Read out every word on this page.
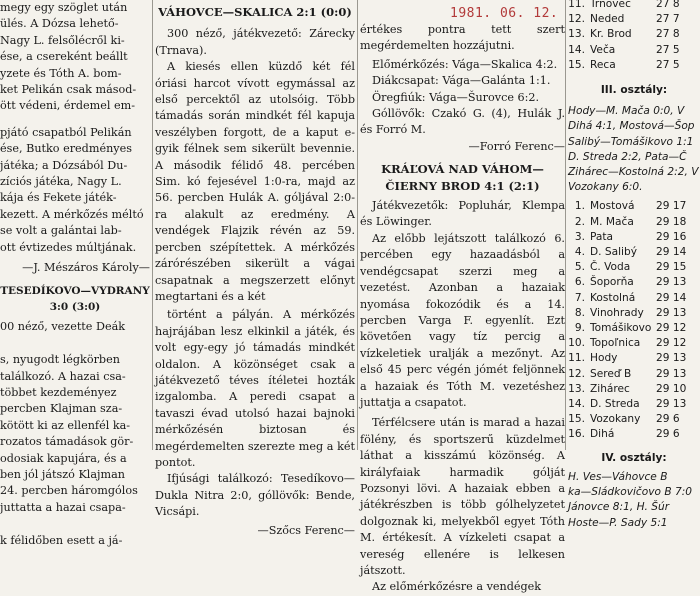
1981. 06. 12.
megy egy szöglet után
ülés. A Dózsa lehető-
Nagy L. felsőlécről ki-
ése, a csereként beállt
yzete és Tóth A. bom-
ket Pelikán csak másod-
ött védeni, érdemel em-
pjátó csapatból Pelikán
ése, Butko eredményes
játéka; a Dózsából Du-
zíciós játéka, Nagy L.
kája és Fekete játék-
kezett. A mérkőzés méltó
se volt a galántai lab-
ott évtizedes múltjának.

—J. Mészáros Károly—

TESEDÍKOVO—VYDRANY 3:0 (3:0)

00 néző, vezette Deák

s, nyugodt légkörben
találkozó. A hazai csa-
többet kezdeményez
percben Klajman sza-
kötött ki az ellenfél ka-
rozatos támadások gör-
odosiak kapujára, és a
ben jól játszó Klajman
24. percben háromgólos
juttatta a hazai csapa-

k félidőben esett a já-

VÁHOVCE—SKALICA 2:1 (0:0)

300 néző, játékvezető: Zárecky (Trnava).

A kiesés ellen küzdő két fél óriási harcot vívott egymással az első percektől az utolsóig. Több támadás során mindkét fél kapuja veszélyben forgott, de a kaput e-gyik félnek sem sikerült bevennie. A második félidő 48. percében Sim. kó fejesével 1:0-ra, majd az 56. percben Hulák A. góljával 2:0-ra alakult az eredmény. A vendégek Flajzik révén az 59. percben szépítettek. A mérkőzés zárórészében sikerült a vágai csapatnak a megszerzett előnyt megtartani és a két

történt a pályán. A mérkőzés hajrájában lesz elkinkil a játék, és volt egy-egy jó támadás mindkét oldalon. A közönséget csak a játékvezető téves ítéletei hozták izgalomba. A peredi csapat a tavaszi évad utolsó hazai bajnoki mérkőzésén biztosan és megérdemelten szerezte meg a két pontot.

Ifjúsági találkozó: Tesedíkovo—Dukla Nitra 2:0, góllövők: Bende, Vicsápi.

—Szőcs Ferenc—

értékes pontra tett szert megérdemelten hozzájutni.

Előmérkőzés: Vága—Skalica 4:2.

Diákcsapat: Vága—Galánta 1:1.

Öregfiúk: Vága—Šurovce 6:2.

Góllövők: Czakó G. (4), Hulák J. és Forró M.

—Forró Ferenc—

KRÁĽOVÁ NAD VÁHOM—ČIERNY BROD 4:1 (2:1)

Játékvezetők: Popluhár, Klempa és Löwinger.

Az előbb lejátszott találkozó 6. percében egy hazaadásból a vendégcsapat szerzi meg a vezetést. Azonban a hazaiak nyomása fokozódik és a 14. percben Varga F. egyenlít. Ezt követően vagy tíz percig a vízkeletiek uralják a mezőnyt. Az első 45 perc végén jómét feljönnek a hazaiak és Tóth M. vezetéshez juttatja a csapatot.

Térfélcsere után is marad a hazai fölény, és sportszerű küzdelmet láthat a kisszámú közönség. A királyfaiak harmadik gólját Pozsonyi lövi. A hazaiak ebben a játékrészben is több gólhelyzetet dolgoznak ki, melyekből egyet Tóth M. értékesít. A vízkeleti csapat a vereség ellenére is lelkesen játszott.

Az előmérkőzésre a vendégek

11. Trnovec	27 8
12. Neded	27 7
13. Kr. Brod	27 8
14. Veča	27 5
15. Reca	27 5

III. osztály:

Hody—M. Mača 0:0, V
Dihá 4:1, Mostová—Šop
Salibý—Tomášikovo 1:1
D. Streda 2:2, Pata—Č
Zihárec—Kostolná 2:2, V
Vozokany 6:0.
1. Mostová	29 17
2. M. Mača	29 18
3. Pata	29 16
4. D. Salibý	29 14
5. Č. Voda	29 15
6. Šoporňa	29 13
7. Kostolná	29 14
8. Vinohrady	29 13
9. Tomášikovo 29 12
10. Topoľnica	29 12
11. Hody	29 13
12. Sereď B	29 13
13. Zihárec	29 10
14. D. Streda	29 13
15. Vozokany	29 6
16. Dihá	29 6

IV. osztály:

H. Ves—Váhovce B
ka—Sládkovičovo B 7:0
Jánovce 8:1, H. Šúr
Hoste—P. Sady 5:1
